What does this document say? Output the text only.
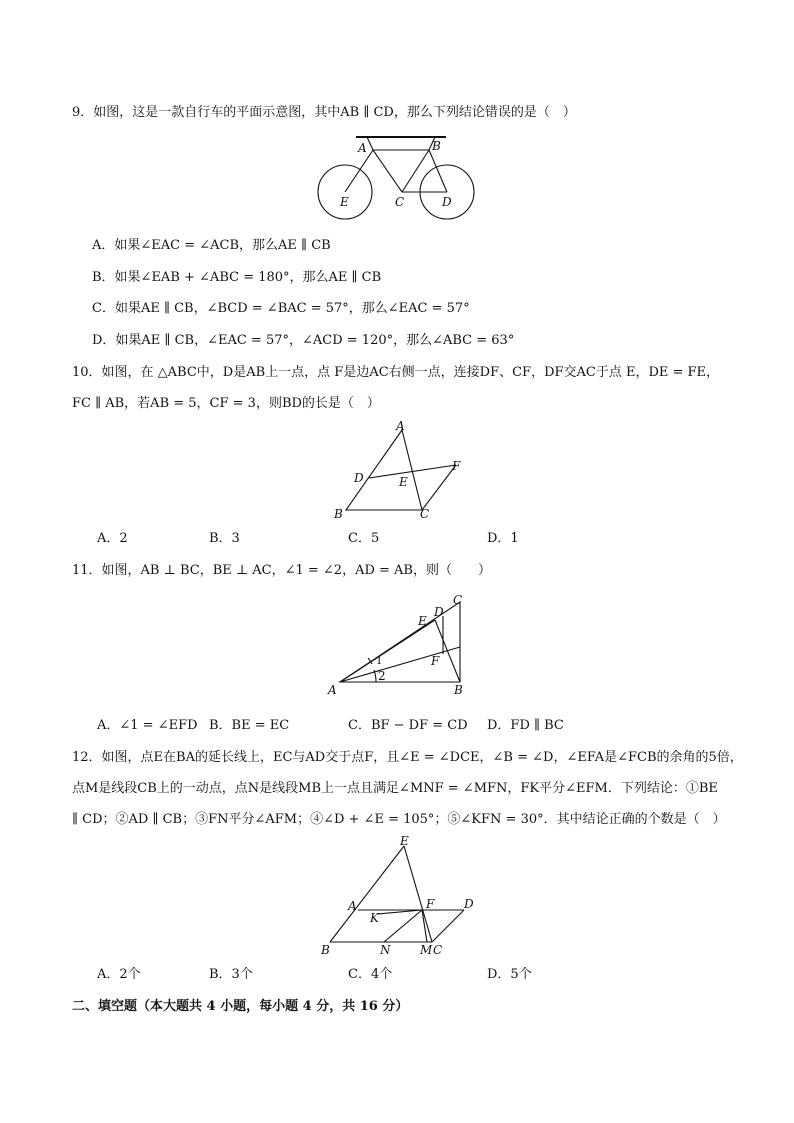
9．如图，这是一款自行车的平面示意图，其中AB ∥ CD，那么下列结论错误的是（　）
A	B
C	D
E
A．如果∠EAC = ∠ACB，那么AE ∥ CB
B．如果∠EAB + ∠ABC = 180°，那么AE ∥ CB
C．如果AE ∥ CB，∠BCD = ∠BAC = 57°，那么∠EAC = 57°
D．如果AE ∥ CB，∠EAC = 57°，∠ACD = 120°，那么∠ABC = 63°
10．如图，在 △ABC中，D是AB上一点，点 F是边AC右侧一点，连接DF、CF，DF交AC于点 E，DE = FE，
FC ∥ AB，若AB = 5，CF = 3，则BD的长是（　）
A
B	C
D	E
F
A．2	B．3	C．5	D．1
11．如图，AB ⊥ BC，BE ⊥ AC，∠1 = ∠2，AD = AB，则（　　）
C
D
E
F
A	B
1
2
A．∠1 = ∠EFD B．BE = EC	C．BF − DF = CD D．FD ∥ BC
12．如图，点E在BA的延长线上，EC与AD交于点F，且∠E = ∠DCE，∠B = ∠D，∠EFA是∠FCB的余角的5倍，
点M是线段CB上的一动点，点N是线段MB上一点且满足∠MNF = ∠MFN，FK平分∠EFM．下列结论：①BE
∥ CD；②AD ∥ CB；③FN平分∠AFM；④∠D + ∠E = 105°；⑤∠KFN = 30°．其中结论正确的个数是（　）
E
A	F D
K
B	N M C
A．2个	B．3个	C．4个	D．5个
二、填空题（本大题共 4 小题，每小题 4 分，共 16 分）
